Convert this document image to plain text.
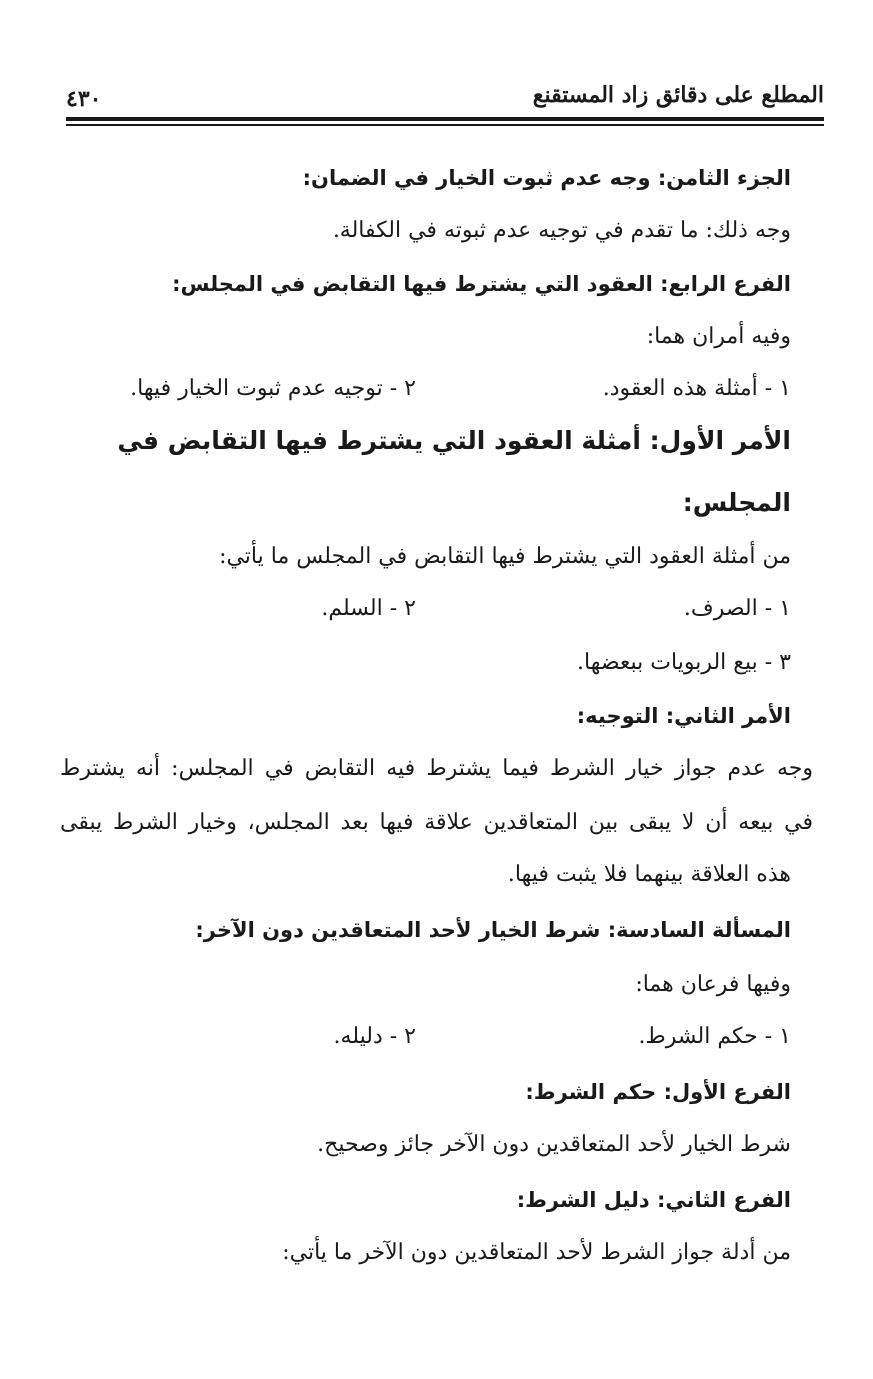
المطلع على دقائق زاد المستقنع
٤٣٠
الجزء الثامن: وجه عدم ثبوت الخيار في الضمان:
وجه ذلك: ما تقدم في توجيه عدم ثبوته في الكفالة.
الفرع الرابع: العقود التي يشترط فيها التقابض في المجلس:
وفيه أمران هما:
١ - أمثلة هذه العقود.
٢ - توجيه عدم ثبوت الخيار فيها.
الأمر الأول: أمثلة العقود التي يشترط فيها التقابض في
المجلس:
من أمثلة العقود التي يشترط فيها التقابض في المجلس ما يأتي:
١ - الصرف.
٢ - السلم.
٣ - بيع الربويات ببعضها.
الأمر الثاني: التوجيه:
وجه عدم جواز خيار الشرط فيما يشترط فيه التقابض في المجلس: أنه يشترط
في بيعه أن لا يبقى بين المتعاقدين علاقة فيها بعد المجلس، وخيار الشرط يبقى
هذه العلاقة بينهما فلا يثبت فيها.
المسألة السادسة: شرط الخيار لأحد المتعاقدين دون الآخر:
وفيها فرعان هما:
١ - حكم الشرط.
٢ - دليله.
الفرع الأول: حكم الشرط:
شرط الخيار لأحد المتعاقدين دون الآخر جائز وصحيح.
الفرع الثاني: دليل الشرط:
من أدلة جواز الشرط لأحد المتعاقدين دون الآخر ما يأتي:
